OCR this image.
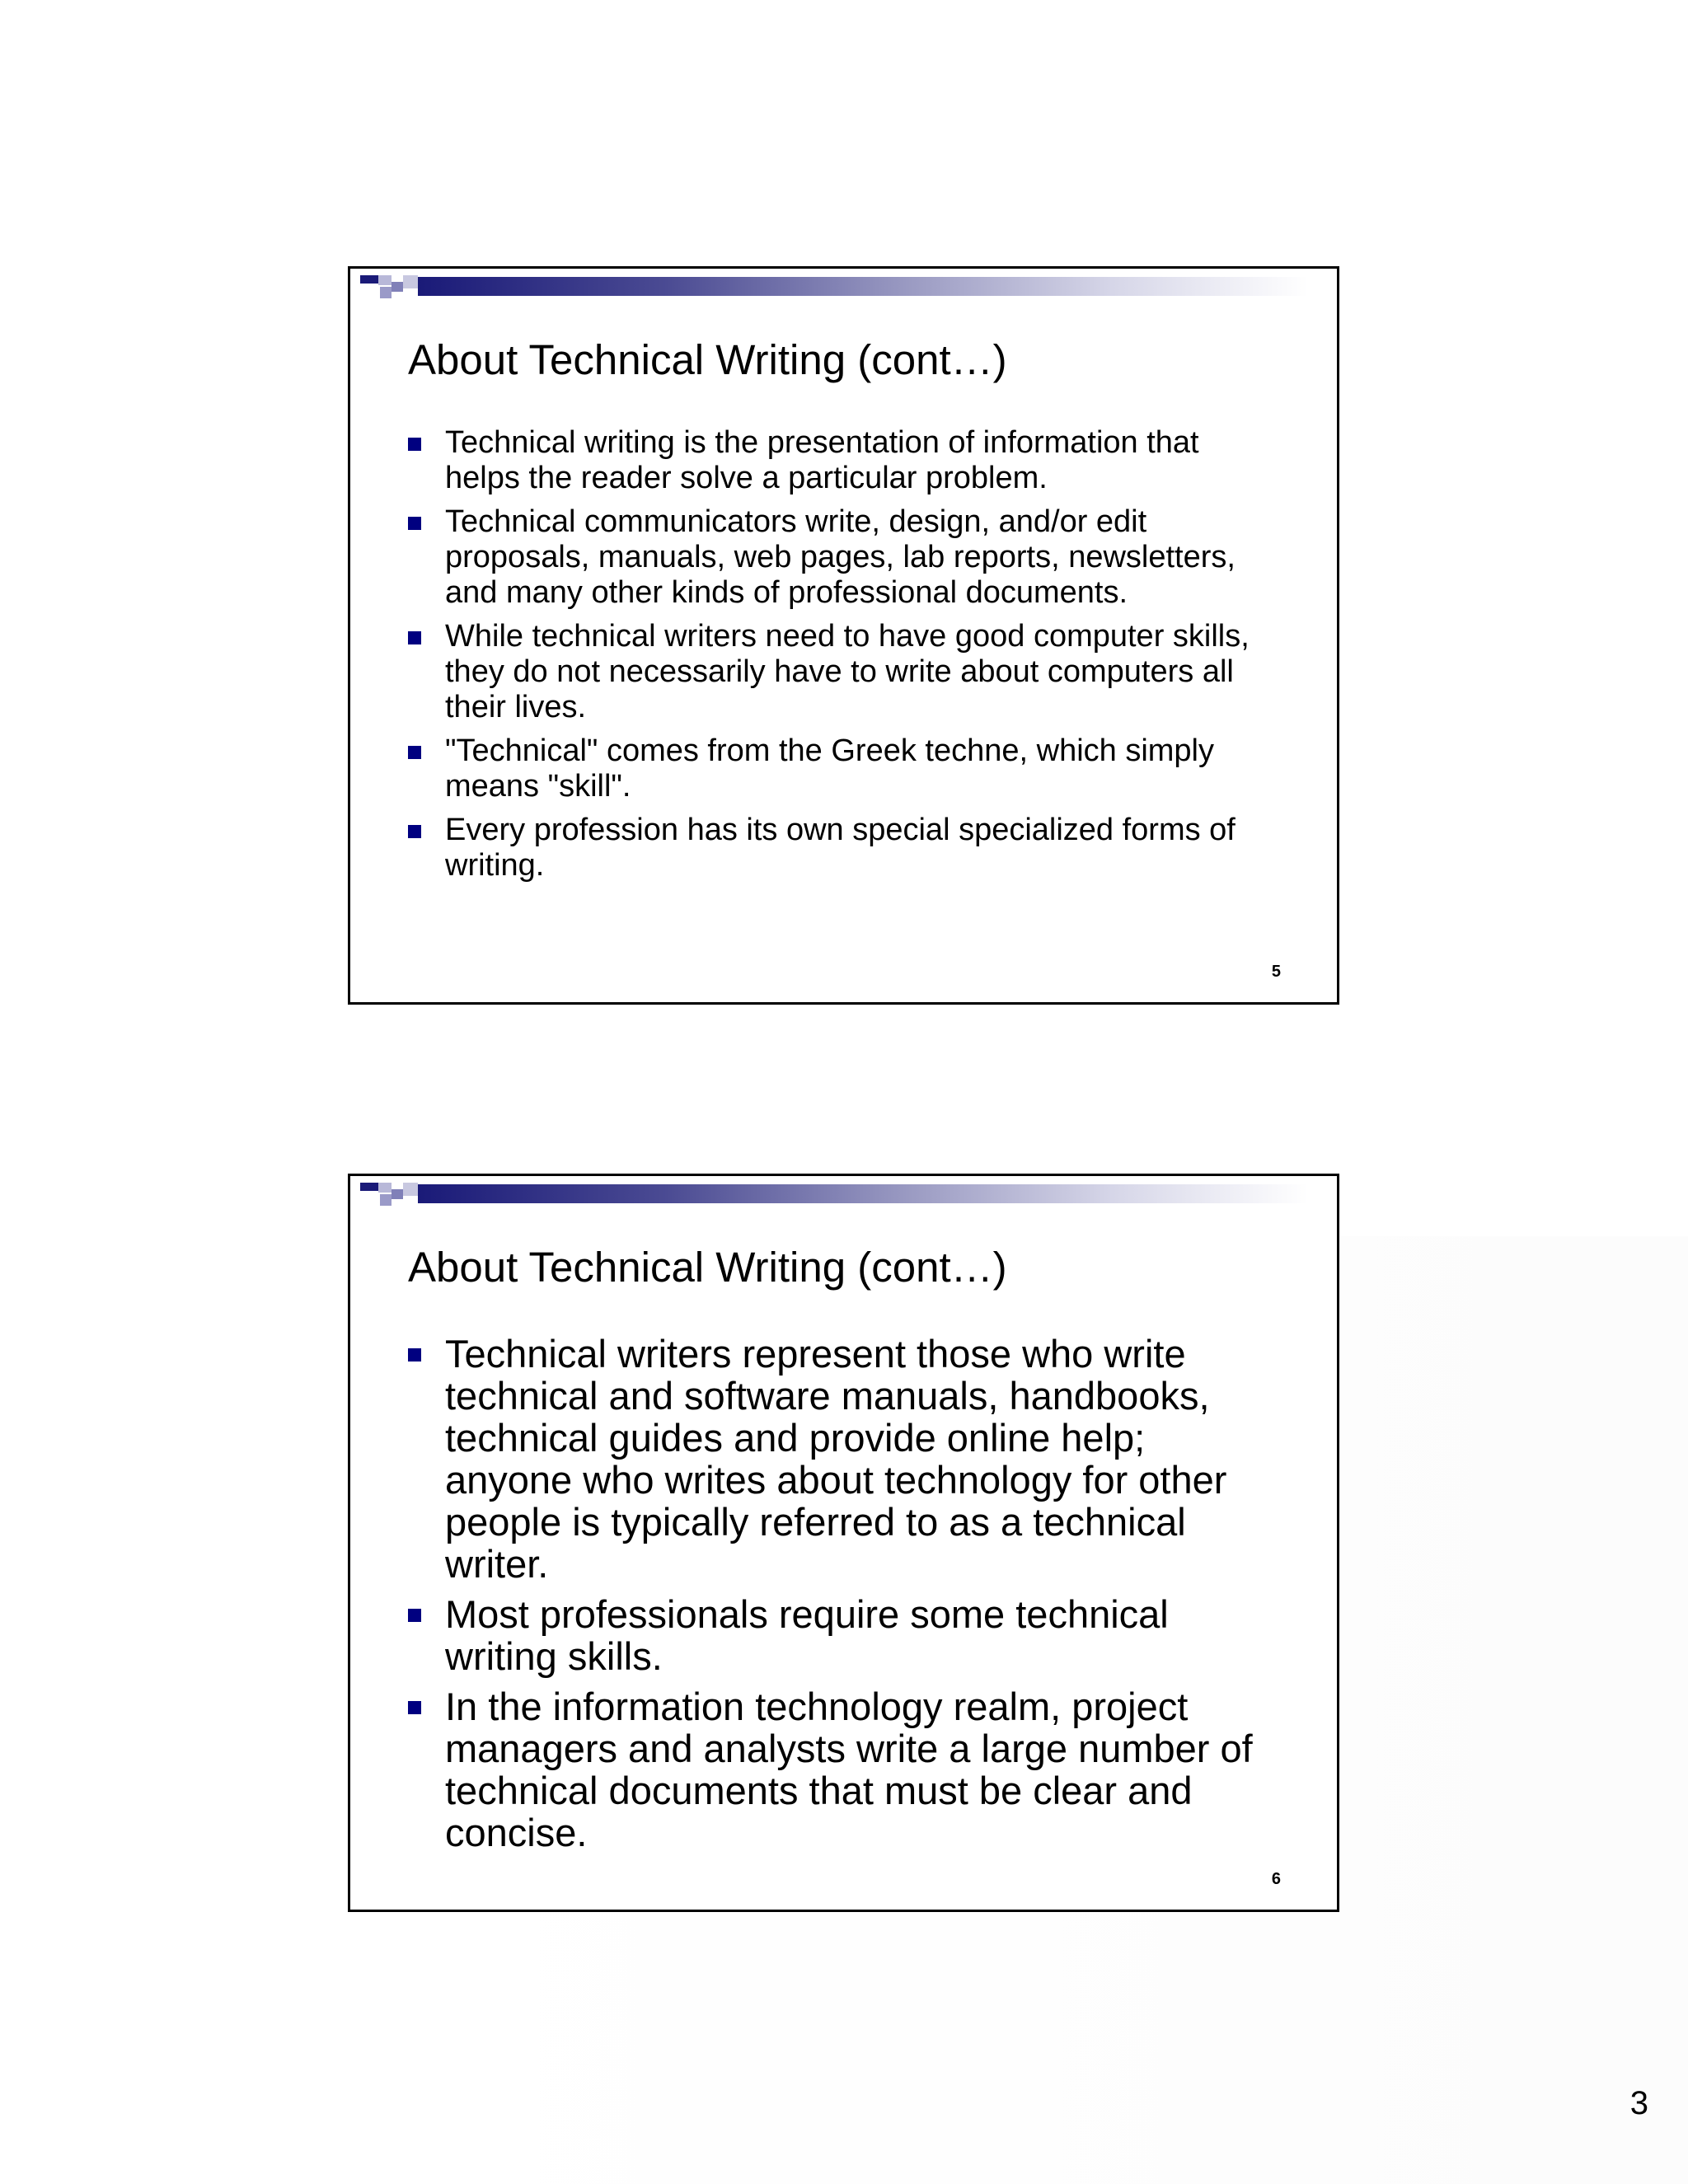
About Technical Writing (cont…)
Technical writing is the presentation of information that helps the reader solve a particular problem.
Technical communicators write, design, and/or edit proposals, manuals, web pages, lab reports, newsletters, and many other kinds of professional documents.
While technical writers need to have good computer skills, they do not necessarily have to write about computers all their lives.
"Technical" comes from the Greek techne, which simply means "skill".
Every profession has its own special specialized forms of writing.
5
About Technical Writing (cont…)
Technical writers represent those who write technical and software manuals, handbooks, technical guides and provide online help; anyone who writes about technology for other people is typically referred to as a technical writer.
Most professionals require some technical writing skills.
In the information technology realm, project managers and analysts write a large number of technical documents that must be clear and concise.
6
3
